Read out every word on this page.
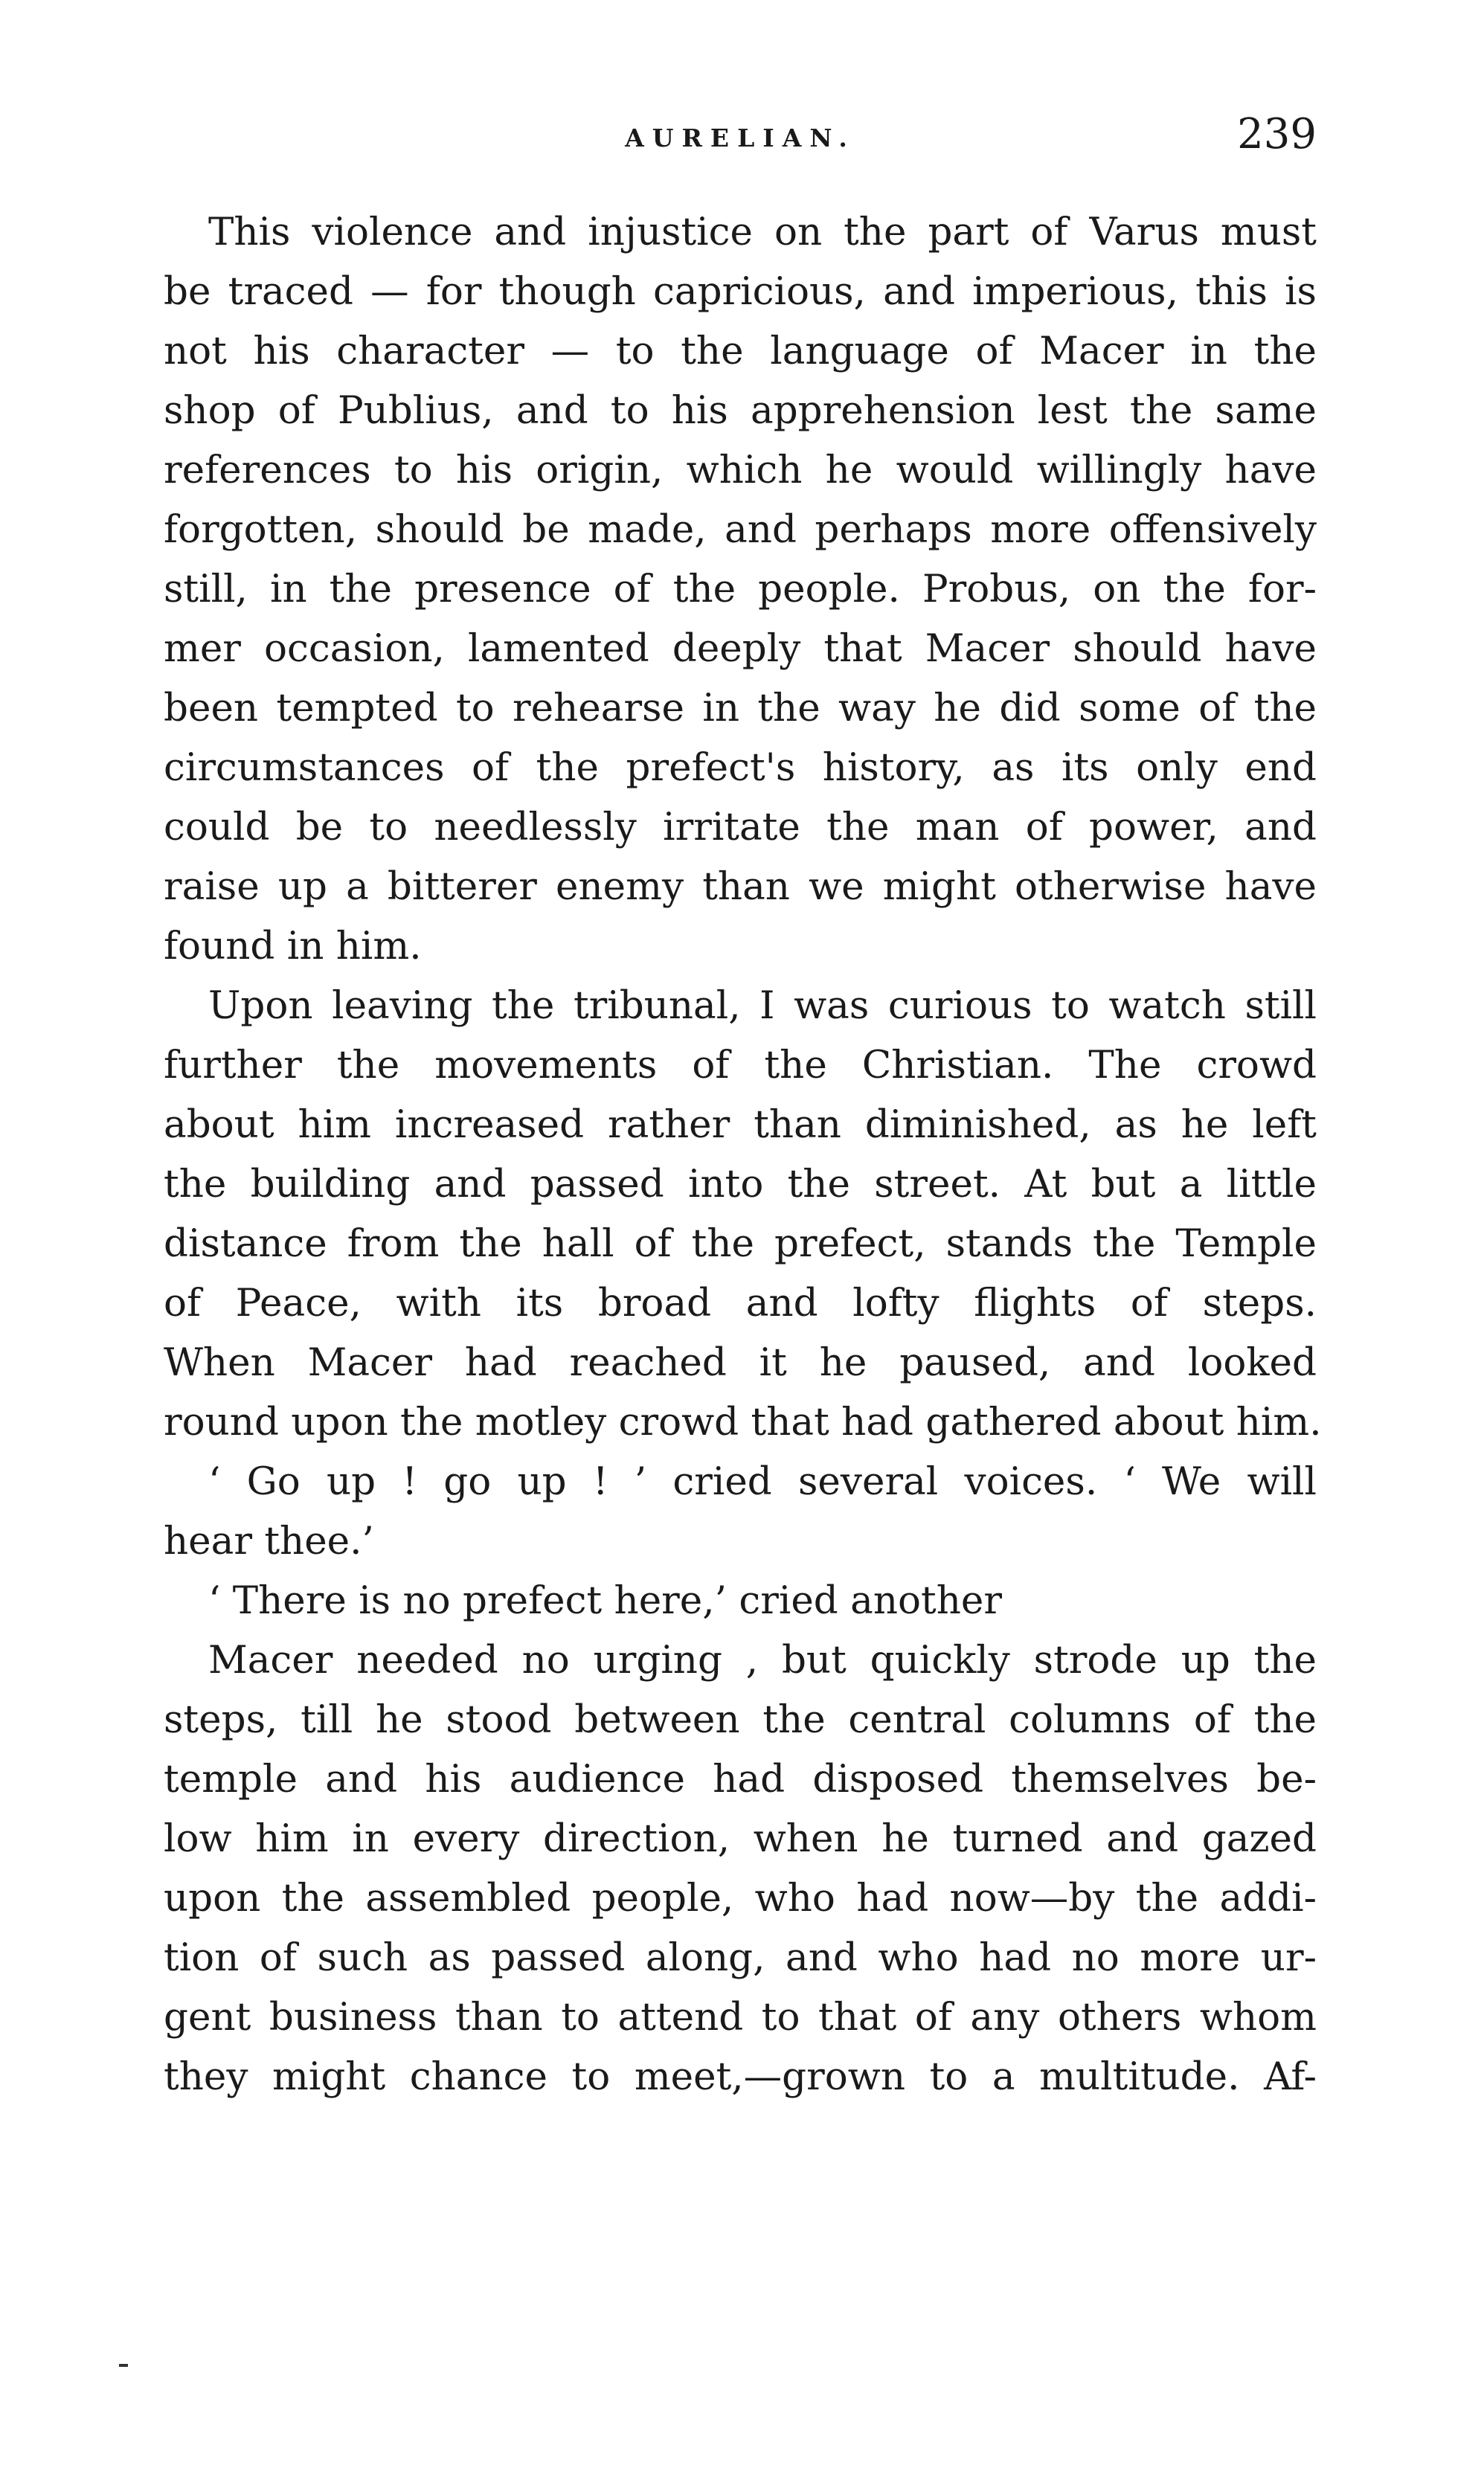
AURELIAN.	239
This violence and injustice on the part of Varus must
be traced — for though capricious, and imperious, this is
not his character — to the language of Macer in the
shop of Publius, and to his apprehension lest the same
references to his origin, which he would willingly have
forgotten, should be made, and perhaps more offensively
still, in the presence of the people. Probus, on the for-
mer occasion, lamented deeply that Macer should have
been tempted to rehearse in the way he did some of the
circumstances of the prefect's history, as its only end
could be to needlessly irritate the man of power, and
raise up a bitterer enemy than we might otherwise have
found in him.
Upon leaving the tribunal, I was curious to watch still
further the movements of the Christian. The crowd
about him increased rather than diminished, as he left
the building and passed into the street. At but a little
distance from the hall of the prefect, stands the Temple
of Peace, with its broad and lofty flights of steps.
When Macer had reached it he paused, and looked
round upon the motley crowd that had gathered about him.
‘ Go up ! go up ! ’ cried several voices. ‘ We will
hear thee.’
‘ There is no prefect here,’ cried another
Macer needed no urging , but quickly strode up the
steps, till he stood between the central columns of the
temple and his audience had disposed themselves be-
low him in every direction, when he turned and gazed
upon the assembled people, who had now—by the addi-
tion of such as passed along, and who had no more ur-
gent business than to attend to that of any others whom
they might chance to meet,—grown to a multitude. Af-
